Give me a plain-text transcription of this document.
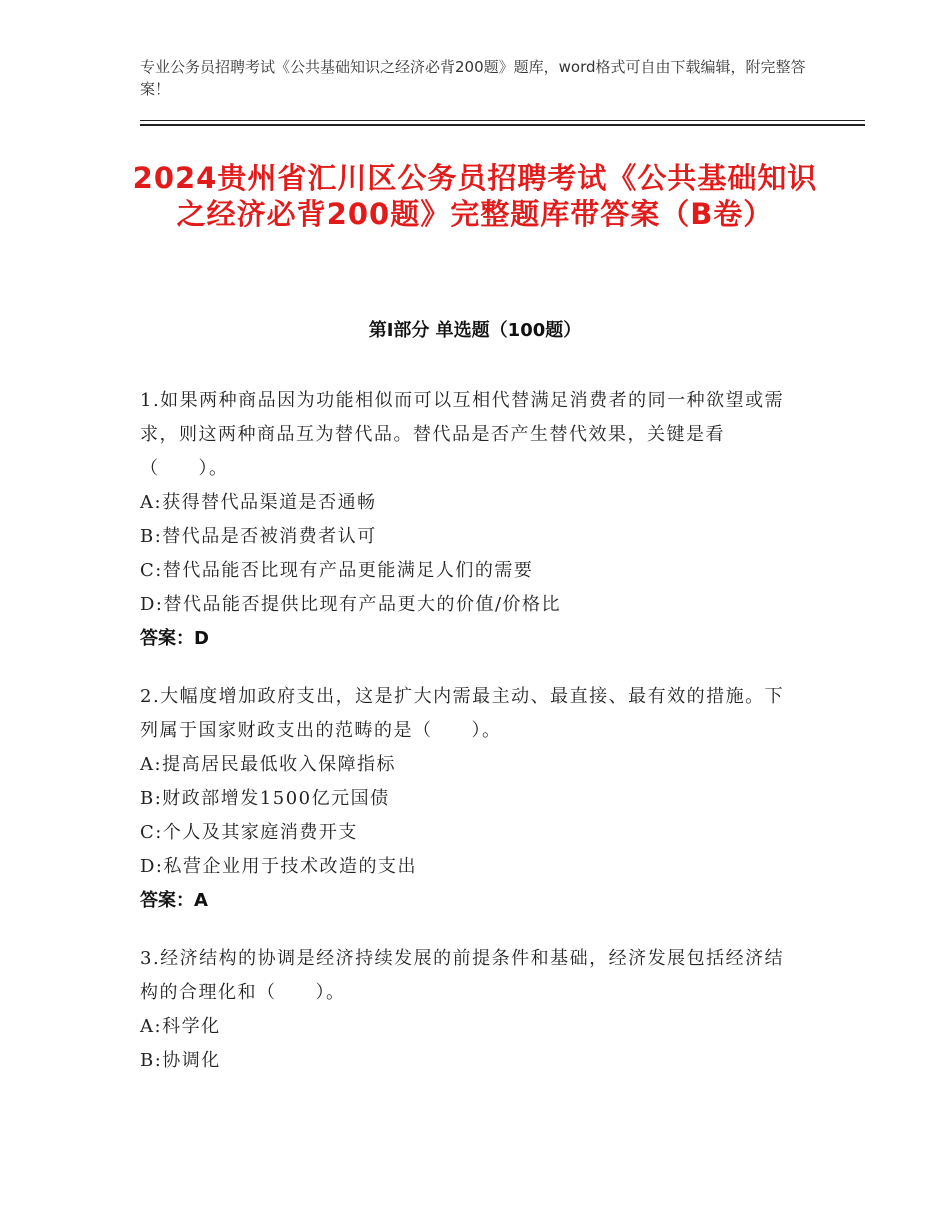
专业公务员招聘考试《公共基础知识之经济必背200题》题库，word格式可自由下载编辑，附完整答案！
2024贵州省汇川区公务员招聘考试《公共基础知识之经济必背200题》完整题库带答案（B卷）
第Ⅰ部分 单选题（100题）
1.如果两种商品因为功能相似而可以互相代替满足消费者的同一种欲望或需求，则这两种商品互为替代品。替代品是否产生替代效果，关键是看（　　）。
A:获得替代品渠道是否通畅
B:替代品是否被消费者认可
C:替代品能否比现有产品更能满足人们的需要
D:替代品能否提供比现有产品更大的价值/价格比
答案：D
2.大幅度增加政府支出，这是扩大内需最主动、最直接、最有效的措施。下列属于国家财政支出的范畴的是（　　）。
A:提高居民最低收入保障指标
B:财政部增发1500亿元国债
C:个人及其家庭消费开支
D:私营企业用于技术改造的支出
答案：A
3.经济结构的协调是经济持续发展的前提条件和基础，经济发展包括经济结构的合理化和（　　）。
A:科学化
B:协调化
